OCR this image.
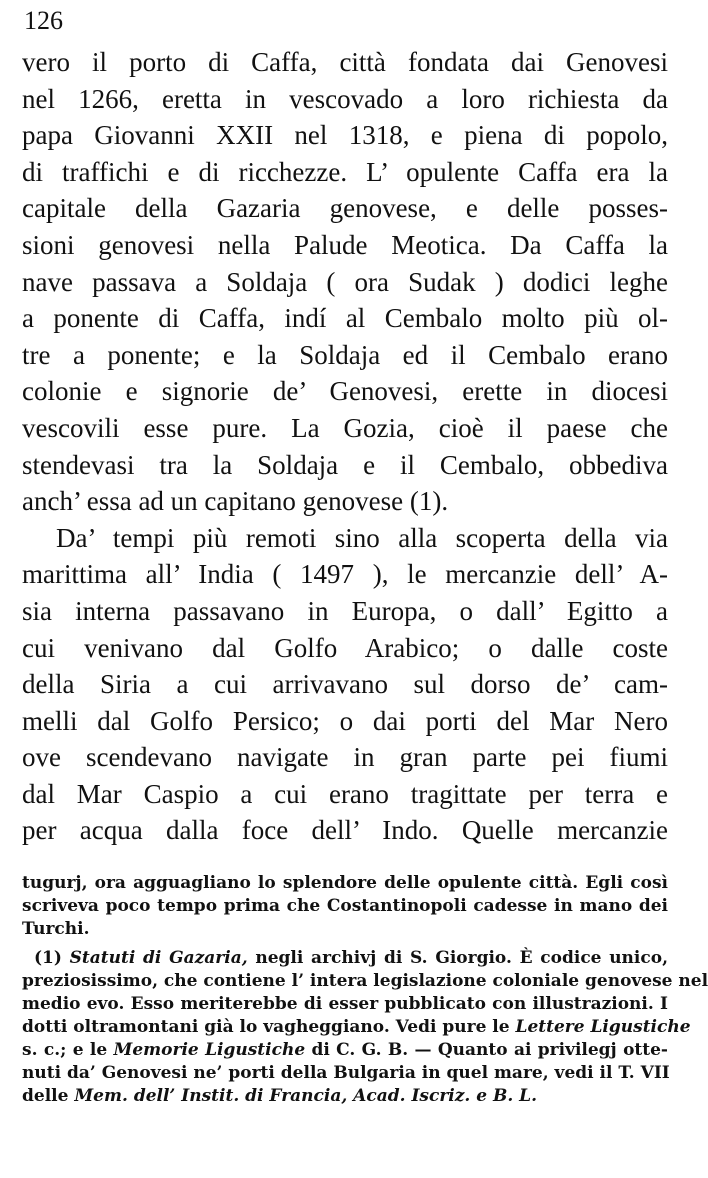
126
vero il porto di Caffa, città fondata dai Genovesi
nel 1266, eretta in vescovado a loro richiesta da
papa Giovanni XXII nel 1318, e piena di popolo,
di traffichi e di ricchezze. L’ opulente Caffa era la
capitale della Gazaria genovese, e delle posses-
sioni genovesi nella Palude Meotica. Da Caffa la
nave passava a Soldaja ( ora Sudak ) dodici leghe
a ponente di Caffa, indí al Cembalo molto più ol-
tre a ponente; e la Soldaja ed il Cembalo erano
colonie e signorie de’ Genovesi, erette in diocesi
vescovili esse pure. La Gozia, cioè il paese che
stendevasi tra la Soldaja e il Cembalo, obbediva
anch’ essa ad un capitano genovese (1).
Da’ tempi più remoti sino alla scoperta della via
marittima all’ India ( 1497 ), le mercanzie dell’ A-
sia interna passavano in Europa, o dall’ Egitto a
cui venivano dal Golfo Arabico; o dalle coste
della Siria a cui arrivavano sul dorso de’ cam-
melli dal Golfo Persico; o dai porti del Mar Nero
ove scendevano navigate in gran parte pei fiumi
dal Mar Caspio a cui erano tragittate per terra e
per acqua dalla foce dell’ Indo. Quelle mercanzie
tugurj, ora agguagliano lo splendore delle opulente città. Egli così
scriveva poco tempo prima che Costantinopoli cadesse in mano dei
Turchi.
(1) Statuti di Gazaria, negli archivj di S. Giorgio. È codice unico,
preziosissimo, che contiene l’ intera legislazione coloniale genovese nel
medio evo. Esso meriterebbe di esser pubblicato con illustrazioni. I
dotti oltramontani già lo vagheggiano. Vedi pure le Lettere Ligustiche
s. c.; e le Memorie Ligustiche di C. G. B. — Quanto ai privilegj otte-
nuti da’ Genovesi ne’ porti della Bulgaria in quel mare, vedi il T. VII
delle Mem. dell’ Instit. di Francia, Acad. Iscriz. e B. L.
